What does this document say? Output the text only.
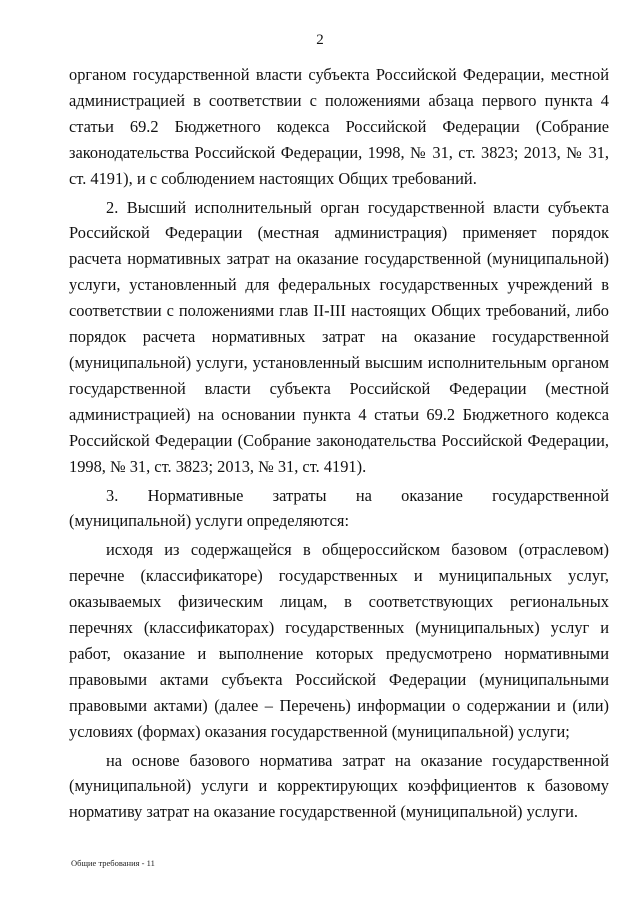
2

органом государственной власти субъекта Российской Федерации, местной администрацией в соответствии с положениями абзаца первого пункта 4 статьи 69.2 Бюджетного кодекса Российской Федерации (Собрание законодательства Российской Федерации, 1998, № 31, ст. 3823; 2013, № 31, ст. 4191), и с соблюдением настоящих Общих требований.

2. Высший исполнительный орган государственной власти субъекта Российской Федерации (местная администрация) применяет порядок расчета нормативных затрат на оказание государственной (муниципальной) услуги, установленный для федеральных государственных учреждений в соответствии с положениями глав II-III настоящих Общих требований, либо порядок расчета нормативных затрат на оказание государственной (муниципальной) услуги, установленный высшим исполнительным органом государственной власти субъекта Российской Федерации (местной администрацией) на основании пункта 4 статьи 69.2 Бюджетного кодекса Российской Федерации (Собрание законодательства Российской Федерации, 1998, № 31, ст. 3823; 2013, № 31, ст. 4191).

3. Нормативные затраты на оказание государственной (муниципальной) услуги определяются:

исходя из содержащейся в общероссийском базовом (отраслевом) перечне (классификаторе) государственных и муниципальных услуг, оказываемых физическим лицам, в соответствующих региональных перечнях (классификаторах) государственных (муниципальных) услуг и работ, оказание и выполнение которых предусмотрено нормативными правовыми актами субъекта Российской Федерации (муниципальными правовыми актами) (далее – Перечень) информации о содержании и (или) условиях (формах) оказания государственной (муниципальной) услуги;

на основе базового норматива затрат на оказание государственной (муниципальной) услуги и корректирующих коэффициентов к базовому нормативу затрат на оказание государственной (муниципальной) услуги.

Общие требования - 11
